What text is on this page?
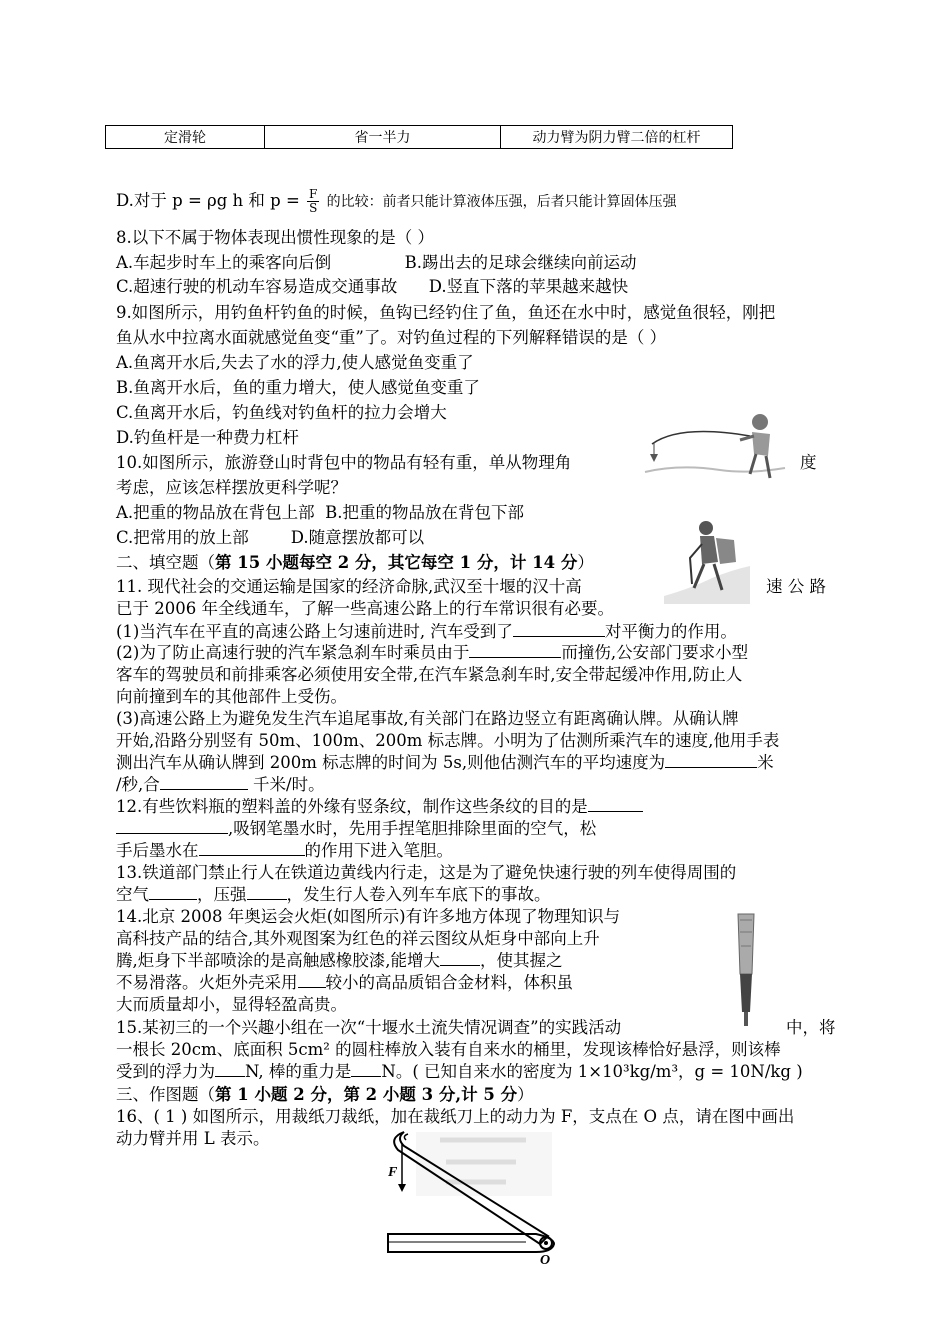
定滑轮	省一半力	动力臂为阴力臂二倍的杠杆
D.对于 p = ρg h 和 $p = \frac{F}{S}$ 的比较：前者只能计算液体压强，后者只能计算固体压强
8.以下不属于物体表现出惯性现象的是（ ）
A.车起步时车上的乘客向后倒              B.踢出去的足球会继续向前运动
C.超速行驶的机动车容易造成交通事故      D.竖直下落的苹果越来越快
9.如图所示，用钓鱼杆钓鱼的时候，鱼钩已经钓住了鱼，鱼还在水中时，感觉鱼很轻，刚把
鱼从水中拉离水面就感觉鱼变“重”了。对钓鱼过程的下列解释错误的是（ ）
A.鱼离开水后,失去了水的浮力,使人感觉鱼变重了
B.鱼离开水后，鱼的重力增大，使人感觉鱼变重了
C.鱼离开水后，钓鱼线对钓鱼杆的拉力会增大
D.钓鱼杆是一种费力杠杆
10.如图所示，旅游登山时背包中的物品有轻有重，单从物理角	度
考虑，应该怎样摆放更科学呢？
A.把重的物品放在背包上部  B.把重的物品放在背包下部
C.把常用的放上部        D.随意摆放都可以
二、填空题（第 15 小题每空 2 分，其它每空 1 分，计 14 分）
11. 现代社会的交通运输是国家的经济命脉,武汉至十堰的汉十高	速 公 路
已于 2006 年全线通车，了解一些高速公路上的行车常识很有必要。
(1)当汽车在平直的高速公路上匀速前进时, 汽车受到了	对平衡力的作用。
(2)为了防止高速行驶的汽车紧急刹车时乘员由于	而撞伤,公安部门要求小型
客车的驾驶员和前排乘客必须使用安全带,在汽车紧急刹车时,安全带起缓冲作用,防止人
向前撞到车的其他部件上受伤。
(3)高速公路上为避免发生汽车追尾事故,有关部门在路边竖立有距离确认牌。从确认牌
开始,沿路分别竖有 50m、100m、200m 标志牌。小明为了估测所乘汽车的速度,他用手表
测出汽车从确认牌到 200m 标志牌的时间为 5s,则他估测汽车的平均速度为	米
/秒,合	千米/时。
12.有些饮料瓶的塑料盖的外缘有竖条纹，制作这些条纹的目的是
,吸钢笔墨水时，先用手捏笔胆排除里面的空气，松
手后墨水在	的作用下进入笔胆。
13.铁道部门禁止行人在铁道边黄线内行走，这是为了避免快速行驶的列车使得周围的
空气	，压强 ，发生行人卷入列车车底下的事故。
14.北京 2008 年奥运会火炬(如图所示)有许多地方体现了物理知识与
高科技产品的结合,其外观图案为红色的祥云图纹从炬身中部向上升
腾,炬身下半部喷涂的是高触感橡胶漆,能增大 ，使其握之
不易滑落。火炬外壳采用 较小的高品质铝合金材料，体积虽
大而质量却小，显得轻盈高贵。
15.某初三的一个兴趣小组在一次“十堰水土流失情况调查”的实践活动	中，将
一根长 20cm、底面积 5cm² 的圆柱棒放入装有自来水的桶里，发现该棒恰好悬浮，则该棒
受到的浮力为 N, 棒的重力是 N。( 已知自来水的密度为 1×10³kg/m³，g = 10N/kg )
三、作图题（第 1 小题 2 分，第 2 小题 3 分,计 5 分）
16、( 1 ) 如图所示，用裁纸刀裁纸，加在裁纸刀上的动力为 F，支点在 O 点，请在图中画出
动力臂并用 L 表示。
F
O
